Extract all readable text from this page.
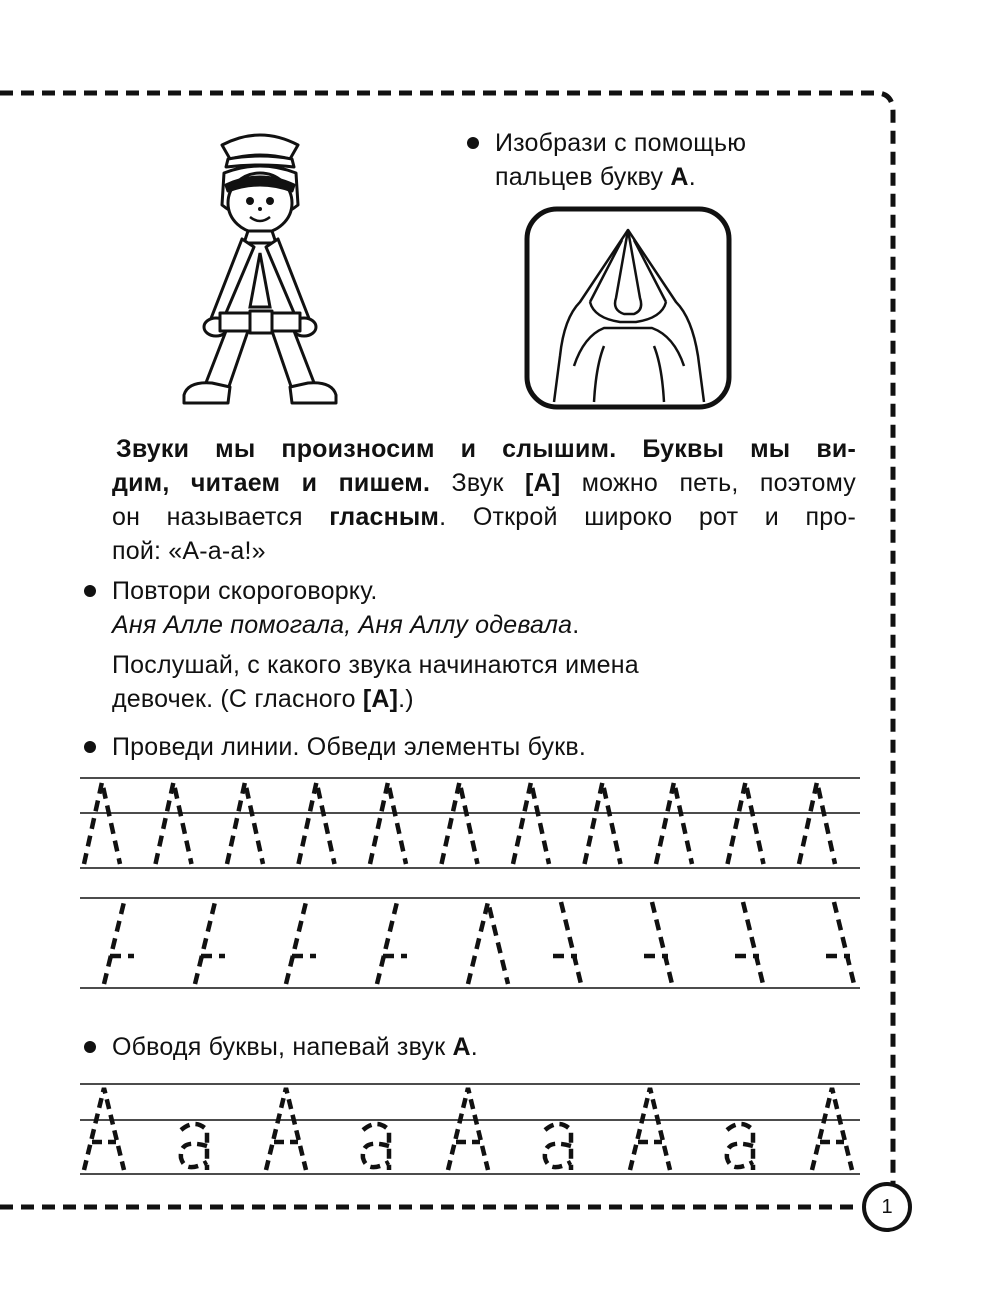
1
Изобрази с помощью
пальцев букву А.
Звуки мы произносим и слышим. Буквы мы ви-
дим, читаем и пишем. Звук [А] можно петь, поэтому
он называется гласным. Открой широко рот и про-
пой: «А-а-а!»
Повтори скороговорку.
Аня Алле помогала, Аня Аллу одевала.
Послушай, с какого звука начинаются имена
девочек. (С гласного [А].)
Проведи линии. Обведи элементы букв.
Обводя буквы, напевай звук А.
